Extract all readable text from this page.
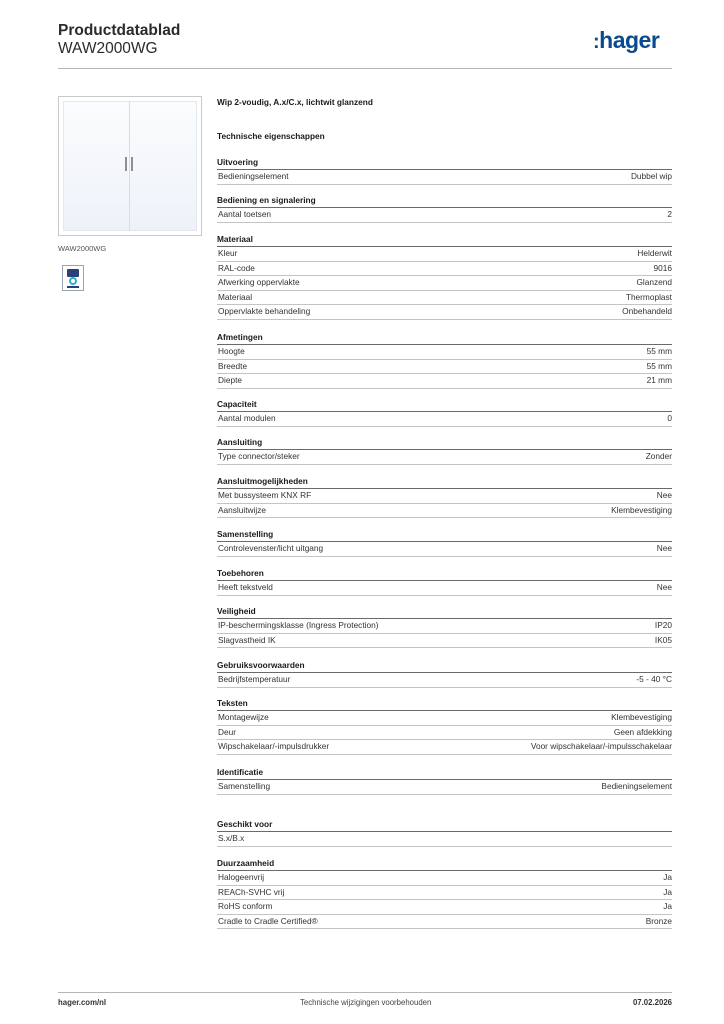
Productdatablad
WAW2000WG	:hager
WAW2000WG
Wip 2-voudig, A.x/C.x, lichtwit glanzend
Technische eigenschappen
Uitvoering
Bedieningselement	Dubbel wip
Bediening en signalering
Aantal toetsen	2
Materiaal
Kleur	Helderwit
RAL-code	9016
Afwerking oppervlakte	Glanzend
Materiaal	Thermoplast
Oppervlakte behandeling	Onbehandeld
Afmetingen
Hoogte	55 mm
Breedte	55 mm
Diepte	21 mm
Capaciteit
Aantal modulen	0
Aansluiting
Type connector/steker	Zonder
Aansluitmogelijkheden
Met bussysteem KNX RF	Nee
Aansluitwijze	Klembevestiging
Samenstelling
Controlevenster/licht uitgang	Nee
Toebehoren
Heeft tekstveld	Nee
Veiligheid
IP-beschermingsklasse (Ingress Protection)	IP20
Slagvastheid IK	IK05
Gebruiksvoorwaarden
Bedrijfstemperatuur	-5 - 40 °C
Teksten
Montagewijze	Klembevestiging
Deur	Geen afdekking
Wipschakelaar/-impulsdrukker	Voor wipschakelaar/-impulsschakelaar
Identificatie
Samenstelling	Bedieningselement
Geschikt voor
S.x/B.x
Duurzaamheid
Halogeenvrij	Ja
REACh-SVHC vrij	Ja
RoHS conform	Ja
Cradle to Cradle Certified®	Bronze
hager.com/nl	Technische wijzigingen voorbehouden	07.02.2026
